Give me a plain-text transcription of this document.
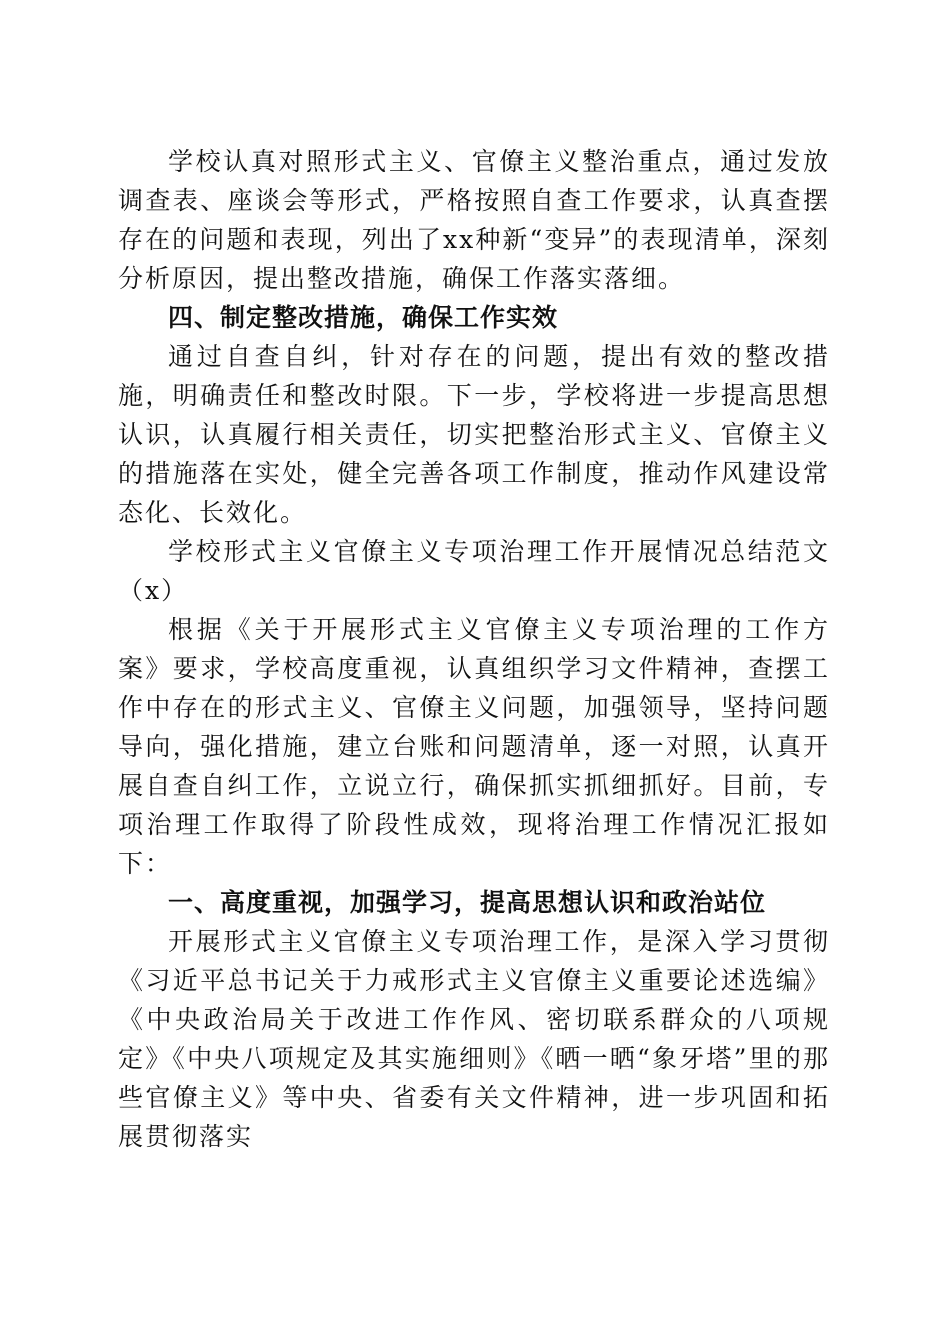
学校认真对照形式主义、官僚主义整治重点，通过发放调查表、座谈会等形式，严格按照自查工作要求，认真查摆存在的问题和表现，列出了xx种新“变异”的表现清单，深刻分析原因，提出整改措施，确保工作落实落细。

四、制定整改措施，确保工作实效

通过自查自纠，针对存在的问题，提出有效的整改措施，明确责任和整改时限。下一步，学校将进一步提高思想认识，认真履行相关责任，切实把整治形式主义、官僚主义的措施落在实处，健全完善各项工作制度，推动作风建设常态化、长效化。

学校形式主义官僚主义专项治理工作开展情况总结范文（x）

根据《关于开展形式主义官僚主义专项治理的工作方案》要求，学校高度重视，认真组织学习文件精神，查摆工作中存在的形式主义、官僚主义问题，加强领导，坚持问题导向，强化措施，建立台账和问题清单，逐一对照，认真开展自查自纠工作，立说立行，确保抓实抓细抓好。目前，专项治理工作取得了阶段性成效，现将治理工作情况汇报如下：

一、高度重视，加强学习，提高思想认识和政治站位

开展形式主义官僚主义专项治理工作，是深入学习贯彻《习近平总书记关于力戒形式主义官僚主义重要论述选编》《中央政治局关于改进工作作风、密切联系群众的八项规定》《中央八项规定及其实施细则》《晒一晒“象牙塔”里的那些官僚主义》等中央、省委有关文件精神，进一步巩固和拓展贯彻落实
